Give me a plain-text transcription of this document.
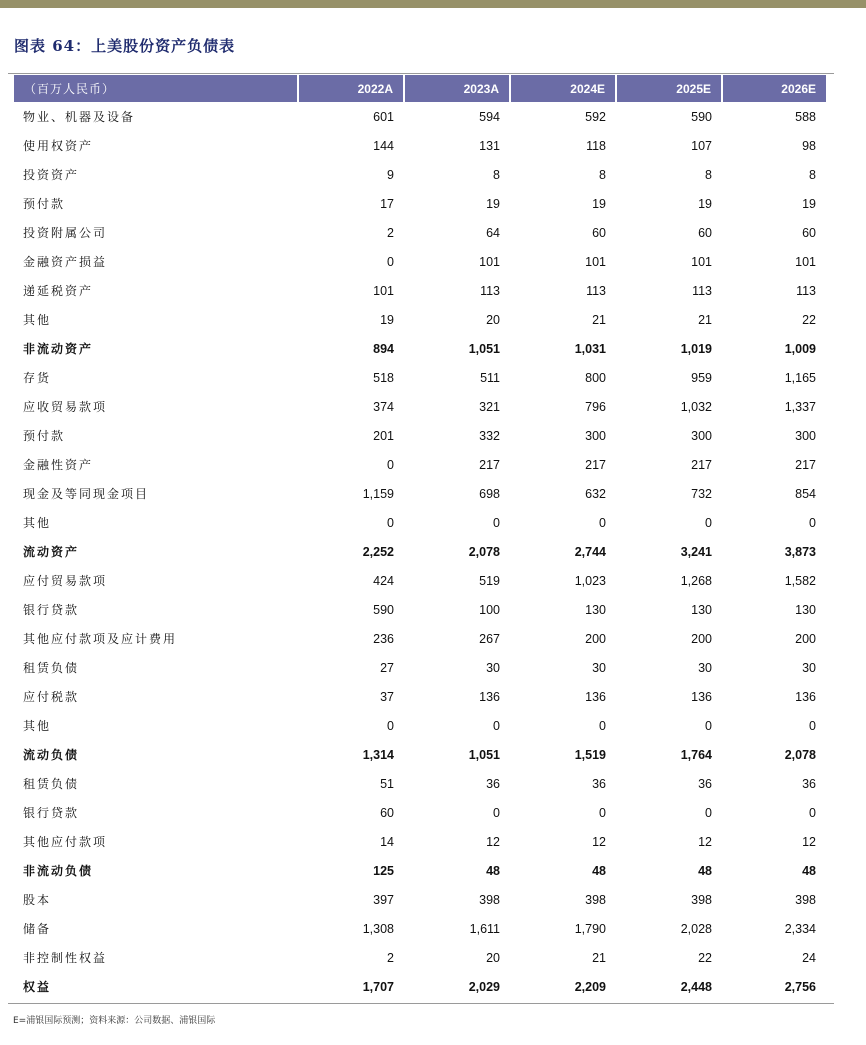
图表 64：上美股份资产负债表
（百万人民币）	2022A	2023A	2024E	2025E	2026E
物业、机器及设备	601	594	592	590	588
使用权资产	144	131	118	107	98
投资资产	9	8	8	8	8
预付款	17	19	19	19	19
投资附属公司	2	64	60	60	60
金融资产损益	0	101	101	101	101
递延税资产	101	113	113	113	113
其他	19	20	21	21	22
非流动资产	894	1,051	1,031	1,019	1,009
存货	518	511	800	959	1,165
应收贸易款项	374	321	796	1,032	1,337
预付款	201	332	300	300	300
金融性资产	0	217	217	217	217
现金及等同现金项目	1,159	698	632	732	854
其他	0	0	0	0	0
流动资产	2,252	2,078	2,744	3,241	3,873
应付贸易款项	424	519	1,023	1,268	1,582
银行贷款	590	100	130	130	130
其他应付款项及应计费用	236	267	200	200	200
租赁负债	27	30	30	30	30
应付税款	37	136	136	136	136
其他	0	0	0	0	0
流动负债	1,314	1,051	1,519	1,764	2,078
租赁负债	51	36	36	36	36
银行贷款	60	0	0	0	0
其他应付款项	14	12	12	12	12
非流动负债	125	48	48	48	48
股本	397	398	398	398	398
储备	1,308	1,611	1,790	2,028	2,334
非控制性权益	2	20	21	22	24
权益	1,707	2,029	2,209	2,448	2,756
E=浦银国际预测；资料来源：公司数据、浦银国际
